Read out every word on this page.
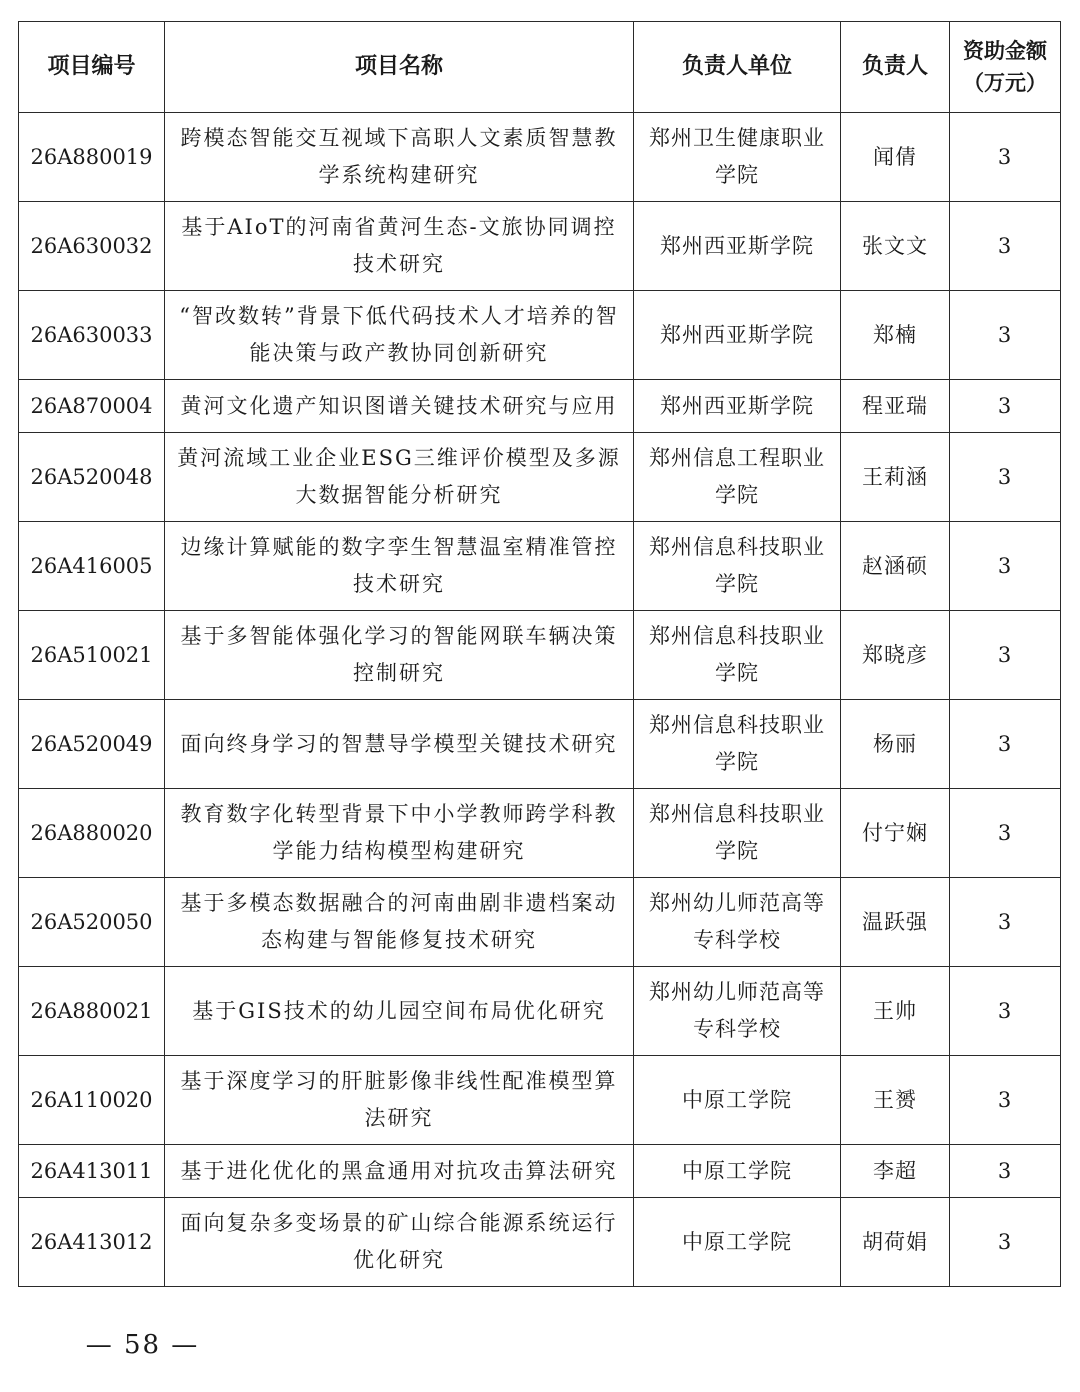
项目编号	项目名称	负责人单位	负责人	资助金额
（万元）
26A880019	跨模态智能交互视域下高职人文素质智慧教学系统构建研究	郑州卫生健康职业学院	闻倩	3
26A630032	基于AIoT的河南省黄河生态-文旅协同调控技术研究	郑州西亚斯学院	张文文	3
26A630033	“智改数转”背景下低代码技术人才培养的智能决策与政产教协同创新研究	郑州西亚斯学院	郑楠	3
26A870004	黄河文化遗产知识图谱关键技术研究与应用	郑州西亚斯学院	程亚瑞	3
26A520048	黄河流域工业企业ESG三维评价模型及多源大数据智能分析研究	郑州信息工程职业学院	王莉涵	3
26A416005	边缘计算赋能的数字孪生智慧温室精准管控技术研究	郑州信息科技职业学院	赵涵硕	3
26A510021	基于多智能体强化学习的智能网联车辆决策控制研究	郑州信息科技职业学院	郑晓彦	3
26A520049	面向终身学习的智慧导学模型关键技术研究	郑州信息科技职业学院	杨丽	3
26A880020	教育数字化转型背景下中小学教师跨学科教学能力结构模型构建研究	郑州信息科技职业学院	付宁娴	3
26A520050	基于多模态数据融合的河南曲剧非遗档案动态构建与智能修复技术研究	郑州幼儿师范高等专科学校	温跃强	3
26A880021	基于GIS技术的幼儿园空间布局优化研究	郑州幼儿师范高等专科学校	王帅	3
26A110020	基于深度学习的肝脏影像非线性配准模型算法研究	中原工学院	王赟	3
26A413011	基于进化优化的黑盒通用对抗攻击算法研究	中原工学院	李超	3
26A413012	面向复杂多变场景的矿山综合能源系统运行优化研究	中原工学院	胡荷娟	3
— 58 —
